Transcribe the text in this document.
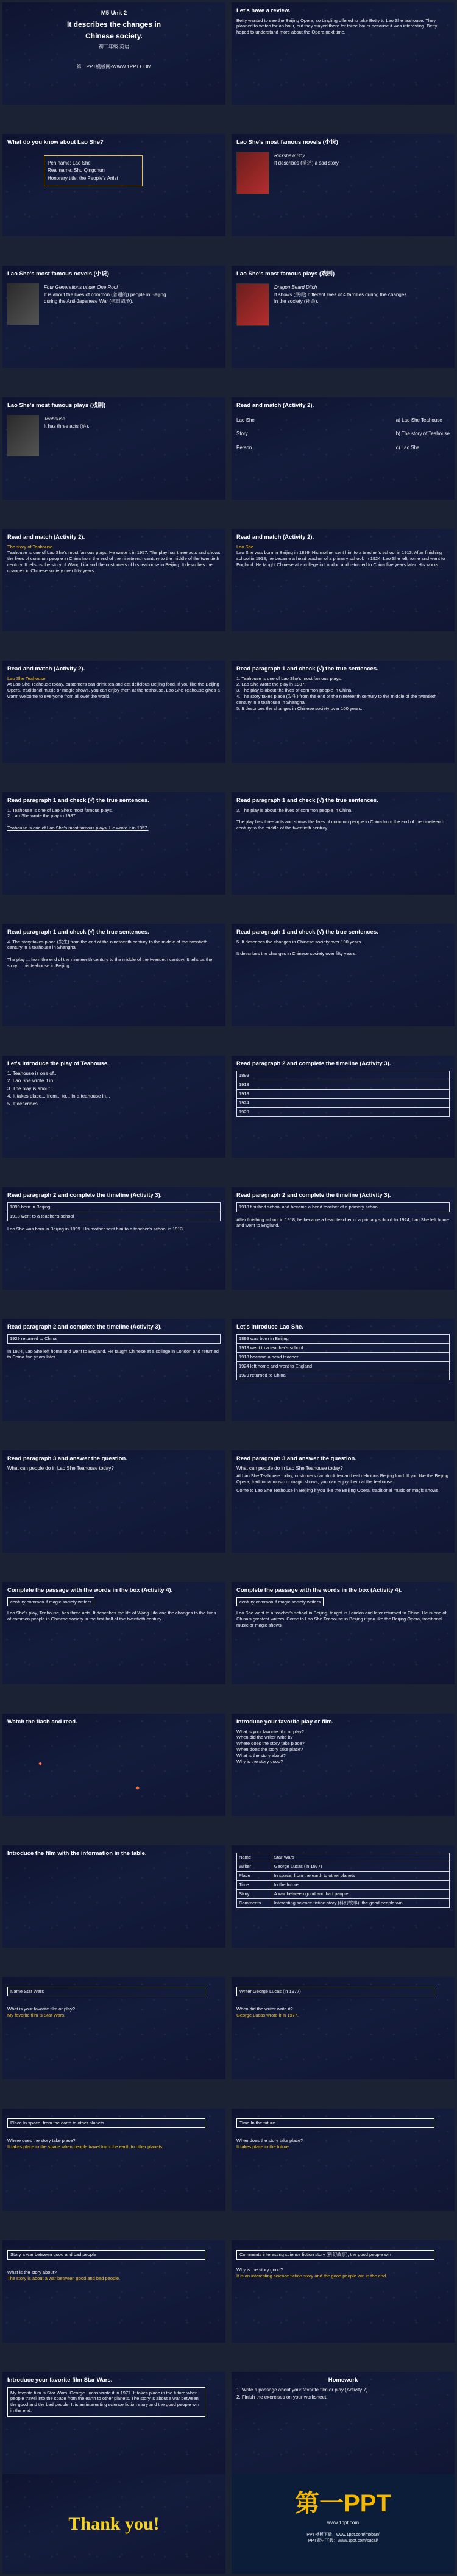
M5 Unit 2
It describes the changes in
Chinese society.
初二年级 英语
第一PPT模板网-WWW.1PPT.COM
Let's have a review.
Betty wanted to see the Beijing Opera, so Lingling offered to take Betty to Lao She teahouse. They planned to watch for an hour, but they stayed there for three hours because it was interesting. Betty hoped to understand more about the Opera next time.
What do you know about Lao She?
Pen name: Lao She
Real name: Shu Qingchun
Honorary title: the People's Artist
Lao She's most famous novels (小说)
Rickshaw Boy
It describes (描述) a sad story.
Lao She's most famous novels (小说)
Four Generations under One Roof
It is about the lives of common (普通的) people in Beijing during the Anti-Japanese War (抗日战争).
Lao She's most famous plays (戏剧)
Dragon Beard Ditch
It shows (展现) different lives of 4 families during the changes in the society (社会).
Lao She's most famous plays (戏剧)
Teahouse
It has three acts (幕).
Read and match (Activity 2).
Lao She
Story
Person
a) Lao She Teahouse
b) The story of Teahouse
c) Lao She
Read and match (Activity 2).
The story of Teahouse
Teahouse is one of Lao She's most famous plays. He wrote it in 1957. The play has three acts and shows the lives of common people in China from the end of the nineteenth century to the middle of the twentieth century. It tells us the story of Wang Lifa and the customers of his teahouse in Beijing. It describes the changes in Chinese society over fifty years.
Read and match (Activity 2).
Lao She
Lao She was born in Beijing in 1899. His mother sent him to a teacher's school in 1913. After finishing school in 1918, he became a head teacher of a primary school. In 1924, Lao She left home and went to England. He taught Chinese at a college in London and returned to China five years later. His works...
Read and match (Activity 2).
Lao She Teahouse
At Lao She Teahouse today, customers can drink tea and eat delicious Beijing food. If you like the Beijing Opera, traditional music or magic shows, you can enjoy them at the teahouse. Lao She Teahouse gives a warm welcome to everyone from all over the world.
Read paragraph 1 and check (√) the true sentences.
1. Teahouse is one of Lao She's most famous plays.
2. Lao She wrote the play in 1987.
3. The play is about the lives of common people in China.
4. The story takes place (发生) from the end of the nineteenth century to the middle of the twentieth century in a teahouse in Shanghai.
5. It describes the changes in Chinese society over 100 years.
Read paragraph 1 and check (√) the true sentences.
1. Teahouse is one of Lao She's most famous plays.
2. Lao She wrote the play in 1987.
Teahouse is one of Lao She's most famous plays. He wrote it in 1957.
Read paragraph 1 and check (√) the true sentences.
3. The play is about the lives of common people in China.
The play has three acts and shows the lives of common people in China from the end of the nineteenth century to the middle of the twentieth century.
Read paragraph 1 and check (√) the true sentences.
4. The story takes place (发生) from the end of the nineteenth century to the middle of the twentieth century in a teahouse in Shanghai.
The play ... from the end of the nineteenth century to the middle of the twentieth century. It tells us the story ... his teahouse in Beijing.
Read paragraph 1 and check (√) the true sentences.
5. It describes the changes in Chinese society over 100 years.
It describes the changes in Chinese society over fifty years.
Let's introduce the play of Teahouse.
1. Teahouse is one of...
2. Lao She wrote it in...
3. The play is about...
4. It takes place... from... to... in a teahouse in...
5. It describes...
Read paragraph 2 and complete the timeline (Activity 3).
1899
1913
1918
1924
1929
Read paragraph 2 and complete the timeline (Activity 3).
1899 born in Beijing
1913 went to a teacher's school
Lao She was born in Beijing in 1899. His mother sent him to a teacher's school in 1913.
Read paragraph 2 and complete the timeline (Activity 3).
1918 finished school and became a head teacher of a primary school
After finishing school in 1918, he became a head teacher of a primary school. In 1924, Lao She left home and went to England.
Read paragraph 2 and complete the timeline (Activity 3).
1929 returned to China
In 1924, Lao She left home and went to England. He taught Chinese at a college in London and returned to China five years later.
Let's introduce Lao She.
1899 was born in Beijing
1913 went to a teacher's school
1918 became a head teacher
1924 left home and went to England
1929 returned to China
Read paragraph 3 and answer the question.
What can people do in Lao She Teahouse today?
Read paragraph 3 and answer the question.
What can people do in Lao She Teahouse today?
At Lao She Teahouse today, customers can drink tea and eat delicious Beijing food. If you like the Beijing Opera, traditional music or magic shows, you can enjoy them at the teahouse.
Come to Lao She Teahouse in Beijing if you like the Beijing Opera, traditional music or magic shows.
Complete the passage with the words in the box (Activity 4).
century common if magic society writers
Lao She's play, Teahouse, has three acts. It describes the life of Wang Lifa and the changes to the lives of common people in Chinese society in the first half of the twentieth century.
Complete the passage with the words in the box (Activity 4).
century common if magic society writers
Lao She went to a teacher's school in Beijing, taught in London and later returned to China. He is one of China's greatest writers. Come to Lao She Teahouse in Beijing if you like the Beijing Opera, traditional music or magic shows.
Watch the flash and read.	Introduce your favorite play or film.
What is your favorite film or play?
When did the writer write it?
Where does the story take place?
When does the story take place?
What is the story about?
Why is the story good?
Introduce the film with the information in the table.
Name	Star Wars
Writer	George Lucas (in 1977)
Place	In space, from the earth to other planets
Time	In the future
Story	A war between good and bad people
Comments	Interesting science fiction story (科幻故事), the good people win
Name Star Wars
What is your favorite film or play?
My favorite film is Star Wars.
Writer George Lucas (in 1977)
When did the writer write it?
George Lucas wrote it in 1977.
Place In space, from the earth to other planets
Where does the story take place?
It takes place in the space when people travel from the earth to other planets.
Time In the future
When does the story take place?
It takes place in the future.
Story a war between good and bad people
What is the story about?
The story is about a war between good and bad people.
Comments interesting science fiction story (科幻故事), the good people win
Why is the story good?
It is an interesting science fiction story and the good people win in the end.
Introduce your favorite film Star Wars.
My favorite film is Star Wars. George Lucas wrote it in 1977. It takes place in the future when people travel into the space from the earth to other planets. The story is about a war between the good and the bad people. It is an interesting science fiction story and the good people win in the end.
Homework
1. Write a passage about your favorite film or play (Activity 7).
2. Finish the exercises on your worksheet.
Thank you!
第一PPT
www.1ppt.com
PPT模板下载：www.1ppt.com/moban/
PPT素材下载：www.1ppt.com/sucai/
